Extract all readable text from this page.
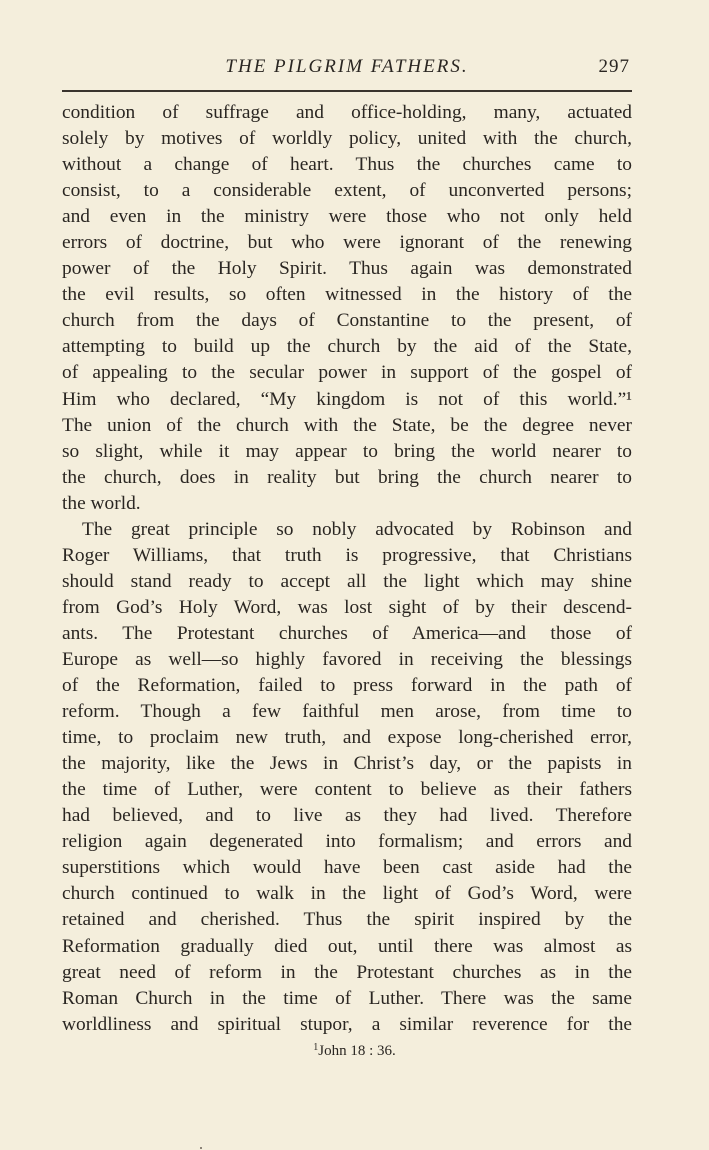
THE PILGRIM FATHERS.	297
condition of suffrage and office-holding, many, actuated
solely by motives of worldly policy, united with the church,
without a change of heart. Thus the churches came to
consist, to a considerable extent, of unconverted persons;
and even in the ministry were those who not only held
errors of doctrine, but who were ignorant of the renewing
power of the Holy Spirit. Thus again was demonstrated
the evil results, so often witnessed in the history of the
church from the days of Constantine to the present, of
attempting to build up the church by the aid of the State,
of appealing to the secular power in support of the gospel of
Him who declared, “My kingdom is not of this world.”¹
The union of the church with the State, be the degree never
so slight, while it may appear to bring the world nearer to
the church, does in reality but bring the church nearer to
the world.
The great principle so nobly advocated by Robinson and
Roger Williams, that truth is progressive, that Christians
should stand ready to accept all the light which may shine
from God’s Holy Word, was lost sight of by their descend-
ants. The Protestant churches of America—and those of
Europe as well—so highly favored in receiving the blessings
of the Reformation, failed to press forward in the path of
reform. Though a few faithful men arose, from time to
time, to proclaim new truth, and expose long-cherished error,
the majority, like the Jews in Christ’s day, or the papists in
the time of Luther, were content to believe as their fathers
had believed, and to live as they had lived. Therefore
religion again degenerated into formalism; and errors and
superstitions which would have been cast aside had the
church continued to walk in the light of God’s Word, were
retained and cherished. Thus the spirit inspired by the
Reformation gradually died out, until there was almost as
great need of reform in the Protestant churches as in the
Roman Church in the time of Luther. There was the same
worldliness and spiritual stupor, a similar reverence for the
$^1$John 18 : 36.
